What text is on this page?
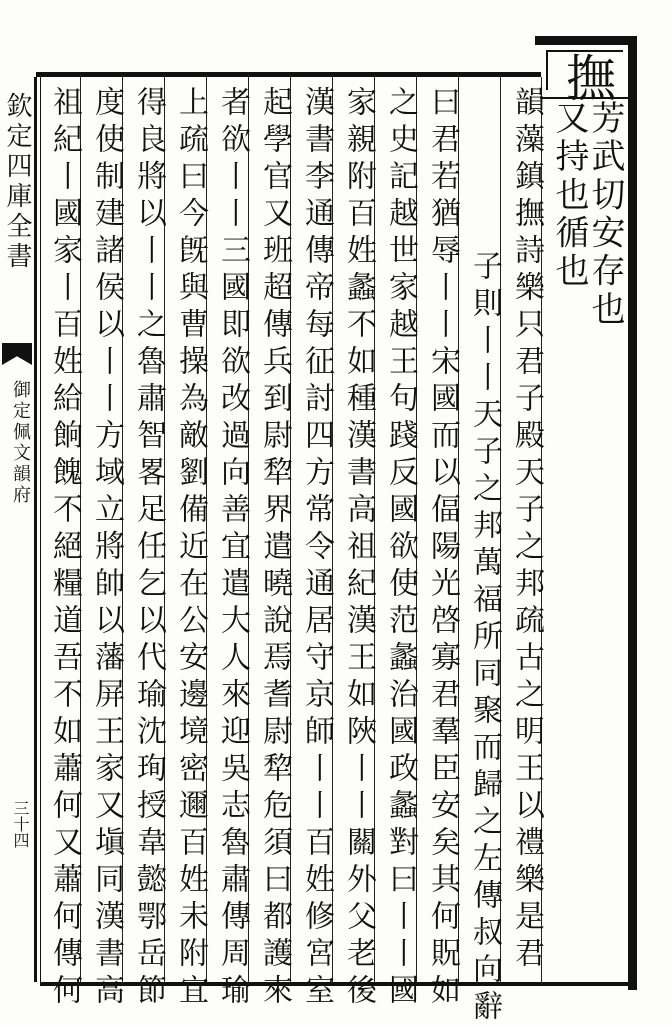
欽定四庫全書
御定佩文韻府
三十四
撫
芳武切安存也
又持也循也
韻藻鎮撫詩樂只君子殿天子之邦疏古之明王以禮樂是君
子則丨丨天子之邦萬福所同聚而歸之左傳叔向辭
曰君若猶辱丨丨宋國而以偪陽光啓寡君羣臣安矣其何貺如
之史記越世家越王句踐反國欲使范蠡治國政蠡對曰丨丨國
家親附百姓蠡不如種漢書高祖紀漢王如陜丨丨關外父老後
漢書李通傳帝每征討四方常令通居守京師丨丨百姓修宮室
起學官又班超傳兵到尉犂界遣曉說焉耆尉犂危須曰都護來
者欲丨丨三國即欲改過向善宜遣大人來迎吳志魯肅傳周瑜
上疏曰今旣與曹操為敵劉備近在公安邊境密邇百姓未附宜
得良將以丨丨之魯肅智畧足任乞以代瑜沈珣授韋懿鄂岳節
度使制建諸侯以丨丨方域立將帥以藩屏王家又塡同漢書高
祖紀丨國家丨百姓給餉餽不絕糧道吾不如蕭何又蕭何傳何
